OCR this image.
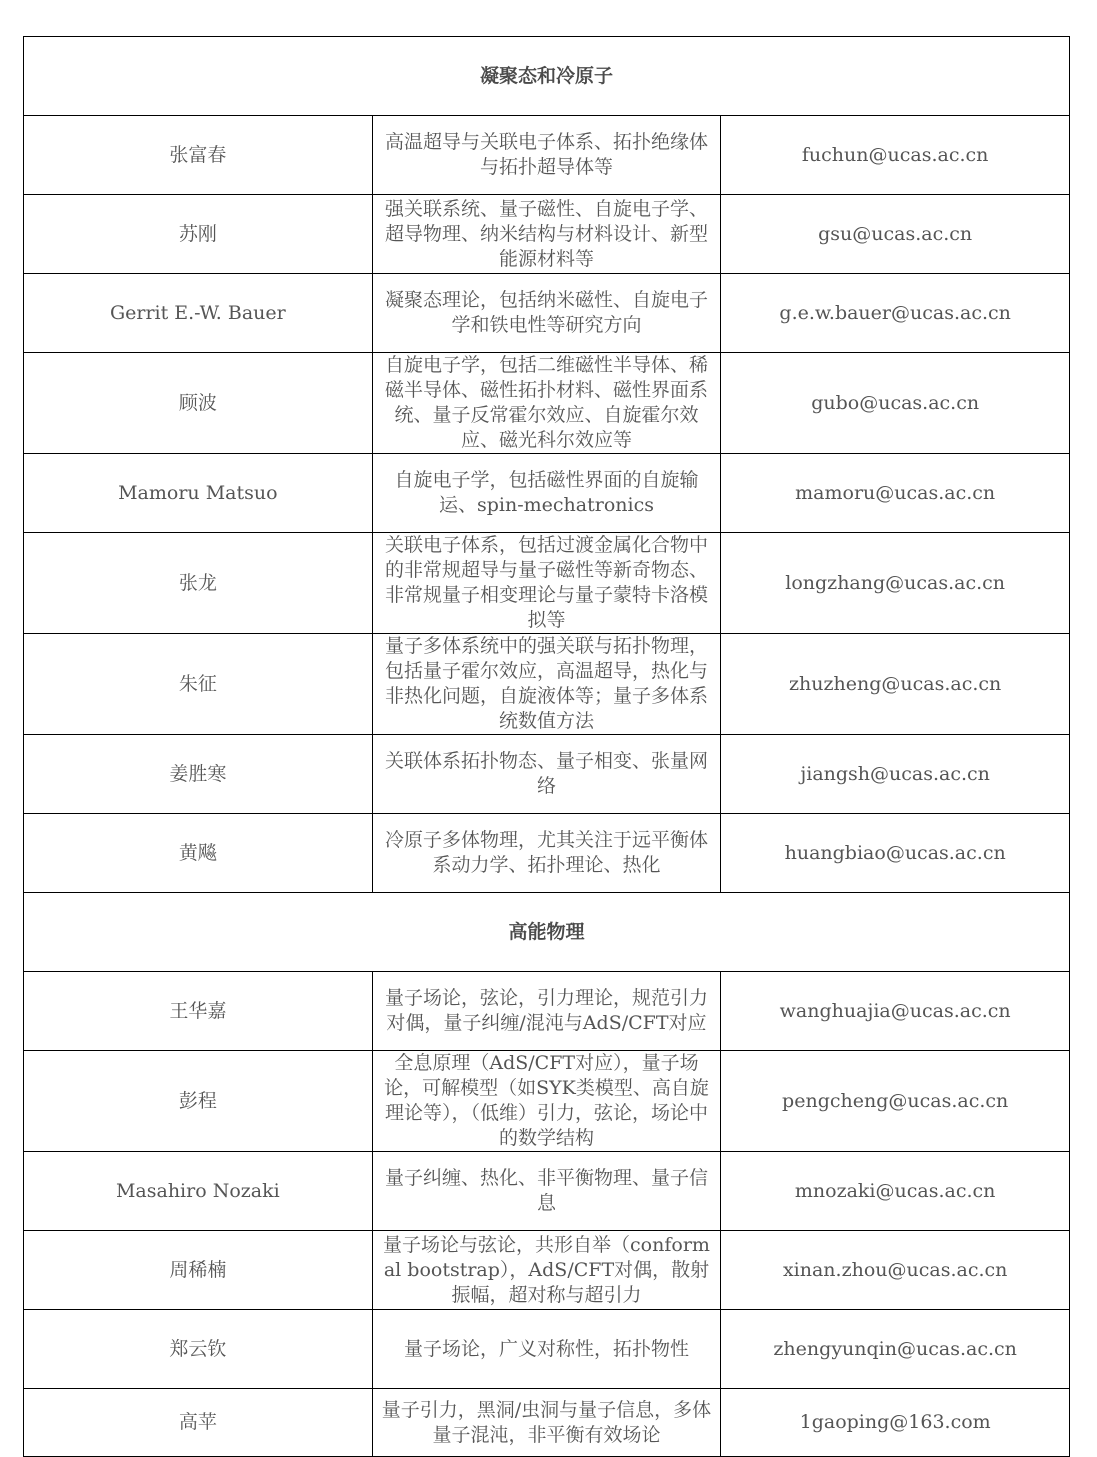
凝聚态和冷原子		
张富春	高温超导与关联电子体系、拓扑绝缘体与拓扑超导体等	fuchun@ucas.ac.cn
苏刚	强关联系统、量子磁性、自旋电子学、超导物理、纳米结构与材料设计、新型能源材料等	gsu@ucas.ac.cn
Gerrit E.-W. Bauer	凝聚态理论，包括纳米磁性、自旋电子学和铁电性等研究方向	g.e.w.bauer@ucas.ac.cn
顾波	自旋电子学，包括二维磁性半导体、稀磁半导体、磁性拓扑材料、磁性界面系统、量子反常霍尔效应、自旋霍尔效应、磁光科尔效应等	gubo@ucas.ac.cn
Mamoru Matsuo	自旋电子学，包括磁性界面的自旋输运、spin-mechatronics	mamoru@ucas.ac.cn
张龙	关联电子体系，包括过渡金属化合物中的非常规超导与量子磁性等新奇物态、非常规量子相变理论与量子蒙特卡洛模拟等	longzhang@ucas.ac.cn
朱征	量子多体系统中的强关联与拓扑物理，包括量子霍尔效应，高温超导，热化与非热化问题，自旋液体等；量子多体系统数值方法	zhuzheng@ucas.ac.cn
姜胜寒	关联体系拓扑物态、量子相变、张量网络	jiangsh@ucas.ac.cn
黄飚	冷原子多体物理，尤其关注于远平衡体系动力学、拓扑理论、热化	huangbiao@ucas.ac.cn
高能物理		
王华嘉	量子场论，弦论，引力理论，规范引力对偶，量子纠缠/混沌与AdS/CFT对应	wanghuajia@ucas.ac.cn
彭程	全息原理（AdS/CFT对应），量子场论，可解模型（如SYK类模型、高自旋理论等），（低维）引力，弦论，场论中的数学结构	pengcheng@ucas.ac.cn
Masahiro Nozaki	量子纠缠、热化、非平衡物理、量子信息	mnozaki@ucas.ac.cn
周稀楠	量子场论与弦论，共形自举（conformal bootstrap），AdS/CFT对偶，散射振幅，超对称与超引力	xinan.zhou@ucas.ac.cn
郑云钦	量子场论，广义对称性，拓扑物性	zhengyunqin@ucas.ac.cn
高苹	量子引力，黑洞/虫洞与量子信息，多体量子混沌，非平衡有效场论	1gaoping@163.com
